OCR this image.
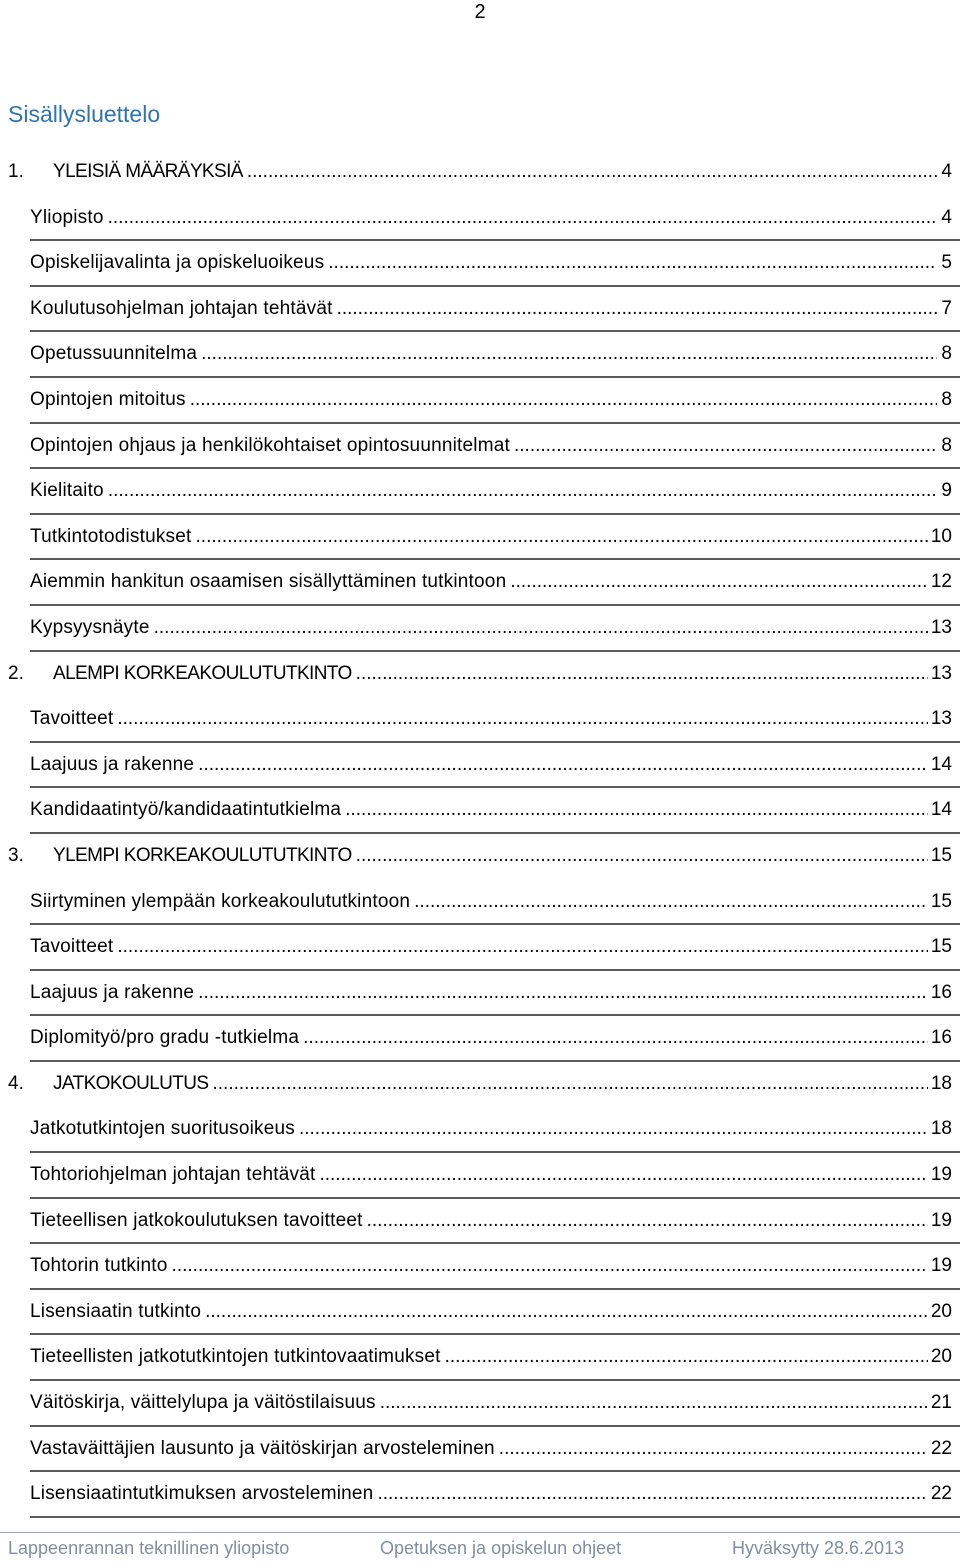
2
Sisällysluettelo
1.	YLEISIÄ MÄÄRÄYKSIÄ .....	4
Yliopisto .....	4
Opiskelijavalinta ja opiskeluoikeus .....	5
Koulutusohjelman johtajan tehtävät .....	7
Opetussuunnitelma .....	8
Opintojen mitoitus .....	8
Opintojen ohjaus ja henkilökohtaiset opintosuunnitelmat .....	8
Kielitaito .....	9
Tutkintotodistukset .....	10
Aiemmin hankitun osaamisen sisällyttäminen tutkintoon .....	12
Kypsyysnäyte .....	13
2.	ALEMPI KORKEAKOULUTUTKINTO .....	13
Tavoitteet .....	13
Laajuus ja rakenne .....	14
Kandidaatintyö/kandidaatintutkielma .....	14
3.	YLEMPI KORKEAKOULUTUTKINTO .....	15
Siirtyminen ylempään korkeakoulututkintoon .....	15
Tavoitteet .....	15
Laajuus ja rakenne .....	16
Diplomityö/pro gradu -tutkielma .....	16
4.	JATKOKOULUTUS .....	18
Jatkotutkintojen suoritusoikeus .....	18
Tohtoriohjelman johtajan tehtävät .....	19
Tieteellisen jatkokoulutuksen tavoitteet .....	19
Tohtorin tutkinto .....	19
Lisensiaatin tutkinto .....	20
Tieteellisten jatkotutkintojen tutkintovaatimukset .....	20
Väitöskirja, väittelylupa ja väitöstilaisuus .....	21
Vastaväittäjien lausunto ja väitöskirjan arvosteleminen .....	22
Lisensiaatintutkimuksen arvosteleminen .....	22
Lappeenrannan teknillinen yliopisto	Opetuksen ja opiskelun ohjeet	Hyväksytty 28.6.2013
